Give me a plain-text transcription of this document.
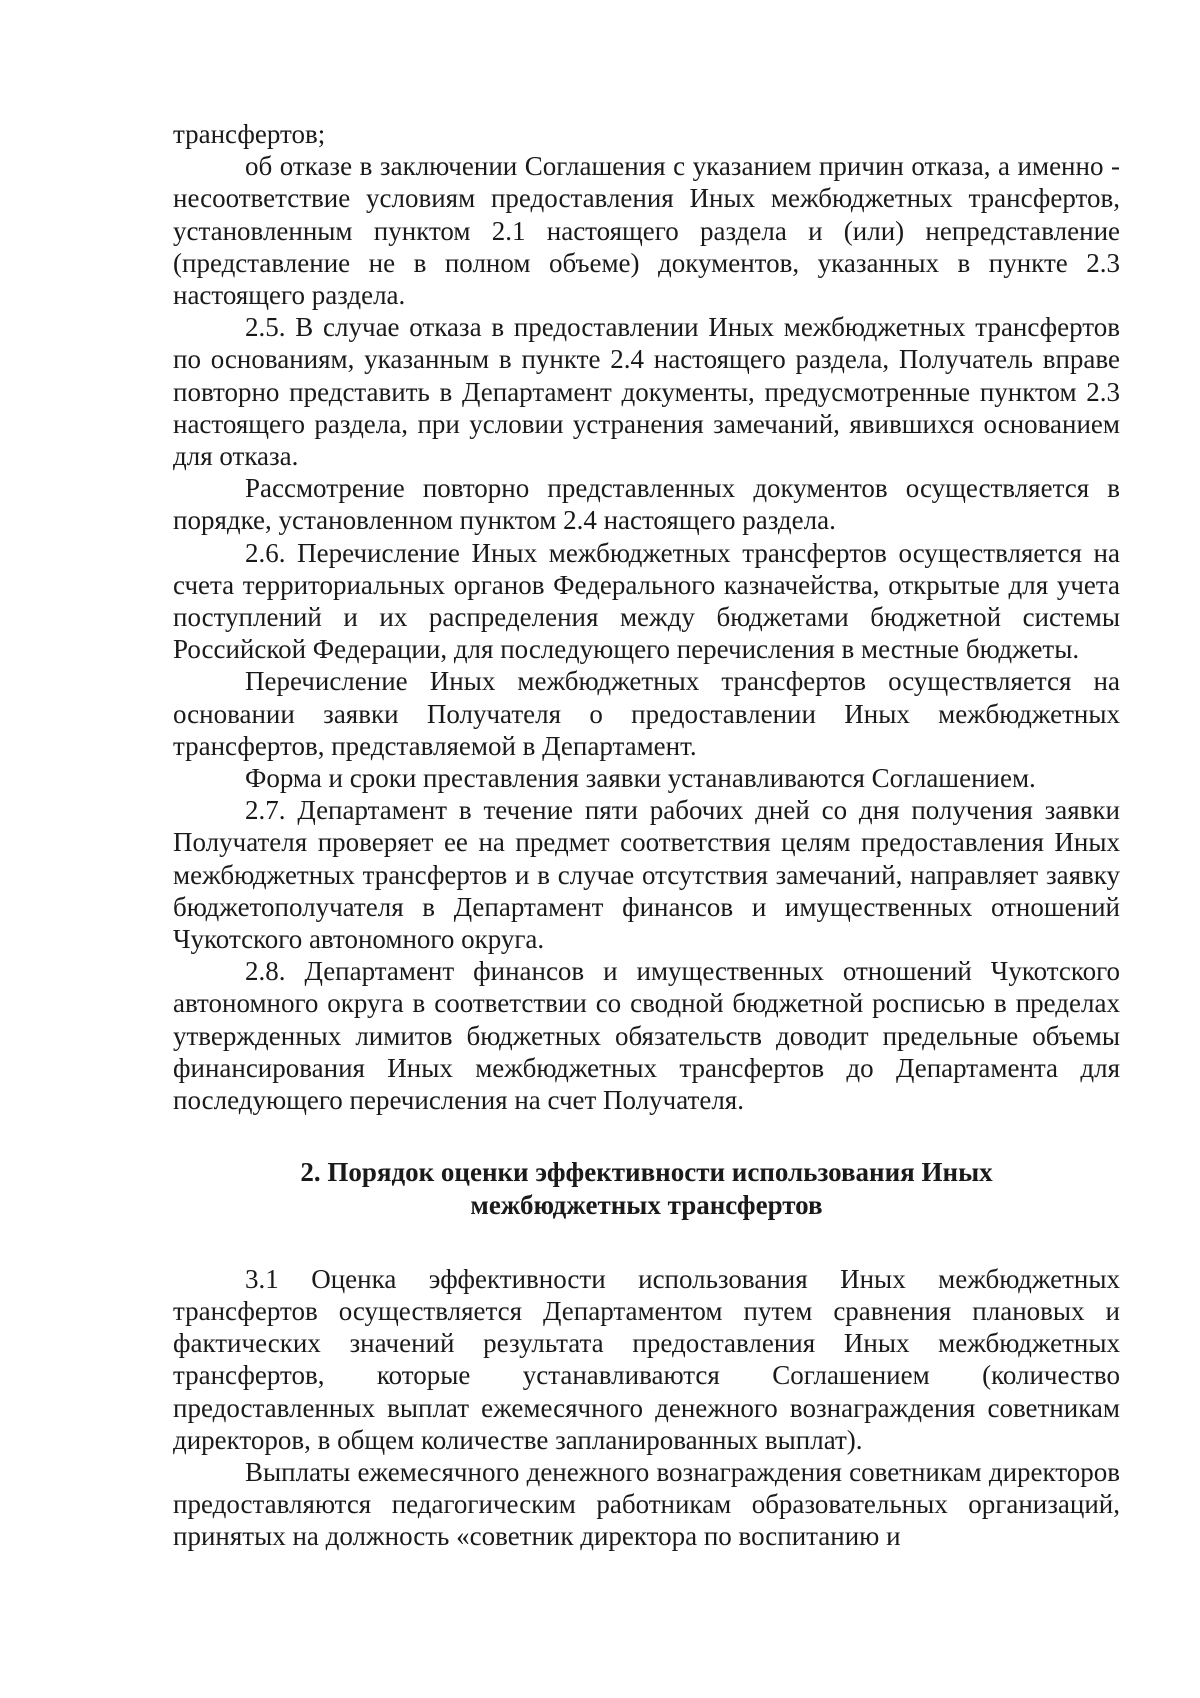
трансфертов;

об отказе в заключении Соглашения с указанием причин отказа, а именно - несоответствие условиям предоставления Иных межбюджетных трансфертов, установленным пунктом 2.1 настоящего раздела и (или) непредставление (представление не в полном объеме) документов, указанных в пункте 2.3 настоящего раздела.

2.5. В случае отказа в предоставлении Иных межбюджетных трансфертов по основаниям, указанным в пункте 2.4 настоящего раздела, Получатель вправе повторно представить в Департамент документы, предусмотренные пунктом 2.3 настоящего раздела, при условии устранения замечаний, явившихся основанием для отказа.

Рассмотрение повторно представленных документов осуществляется в порядке, установленном пунктом 2.4 настоящего раздела.

2.6. Перечисление Иных межбюджетных трансфертов осуществляется на счета территориальных органов Федерального казначейства, открытые для учета поступлений и их распределения между бюджетами бюджетной системы Российской Федерации, для последующего перечисления в местные бюджеты.

Перечисление Иных межбюджетных трансфертов осуществляется на основании заявки Получателя о предоставлении Иных межбюджетных трансфертов, представляемой в Департамент.

Форма и сроки преставления заявки устанавливаются Соглашением.

2.7. Департамент в течение пяти рабочих дней со дня получения заявки Получателя проверяет ее на предмет соответствия целям предоставления Иных межбюджетных трансфертов и в случае отсутствия замечаний, направляет заявку бюджетополучателя в Департамент финансов и имущественных отношений Чукотского автономного округа.

2.8. Департамент финансов и имущественных отношений Чукотского автономного округа в соответствии со сводной бюджетной росписью в пределах утвержденных лимитов бюджетных обязательств доводит предельные объемы финансирования Иных межбюджетных трансфертов до Департамента для последующего перечисления на счет Получателя.

2. Порядок оценки эффективности использования Иных
межбюджетных трансфертов

3.1 Оценка эффективности использования Иных межбюджетных трансфертов осуществляется Департаментом путем сравнения плановых и фактических значений результата предоставления Иных межбюджетных трансфертов, которые устанавливаются Соглашением (количество предоставленных выплат ежемесячного денежного вознаграждения советникам директоров, в общем количестве запланированных выплат).

Выплаты ежемесячного денежного вознаграждения советникам директоров предоставляются педагогическим работникам образовательных организаций, принятых на должность «советник директора по воспитанию и
